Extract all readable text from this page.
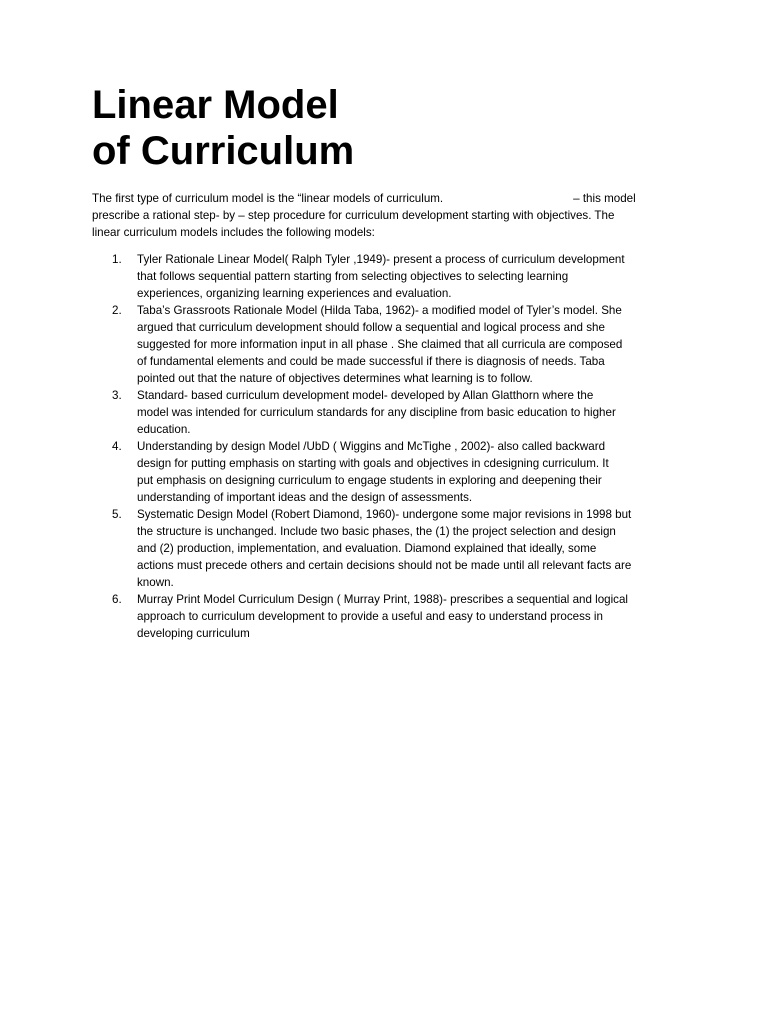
Linear Model
of Curriculum

The first type of curriculum model is the “linear models of curriculum.	– this model
prescribe a rational step- by – step procedure for curriculum development starting with objectives. The
linear curriculum models includes the following models:

1. Tyler Rationale Linear Model( Ralph Tyler ,1949)- present a process of curriculum development
that follows sequential pattern starting from selecting objectives to selecting learning
experiences, organizing learning experiences and evaluation.
2. Taba’s Grassroots Rationale Model (Hilda Taba, 1962)- a modified model of Tyler’s model. She
argued that curriculum development should follow a sequential and logical process and she
suggested for more information input in all phase . She claimed that all curricula are composed
of fundamental elements and could be made successful if there is diagnosis of needs. Taba
pointed out that the nature of objectives determines what learning is to follow.
3. Standard- based curriculum development model- developed by Allan Glatthorn where the
model was intended for curriculum standards for any discipline from basic education to higher
education.
4. Understanding by design Model /UbD ( Wiggins and McTighe , 2002)- also called backward
design for putting emphasis on starting with goals and objectives in cdesigning curriculum. It
put emphasis on designing curriculum to engage students in exploring and deepening their
understanding of important ideas and the design of assessments.
5. Systematic Design Model (Robert Diamond, 1960)- undergone some major revisions in 1998 but
the structure is unchanged. Include two basic phases, the (1) the project selection and design
and (2) production, implementation, and evaluation. Diamond explained that ideally, some
actions must precede others and certain decisions should not be made until all relevant facts are
known.
6. Murray Print Model Curriculum Design ( Murray Print, 1988)- prescribes a sequential and logical
approach to curriculum development to provide a useful and easy to understand process in
developing curriculum
